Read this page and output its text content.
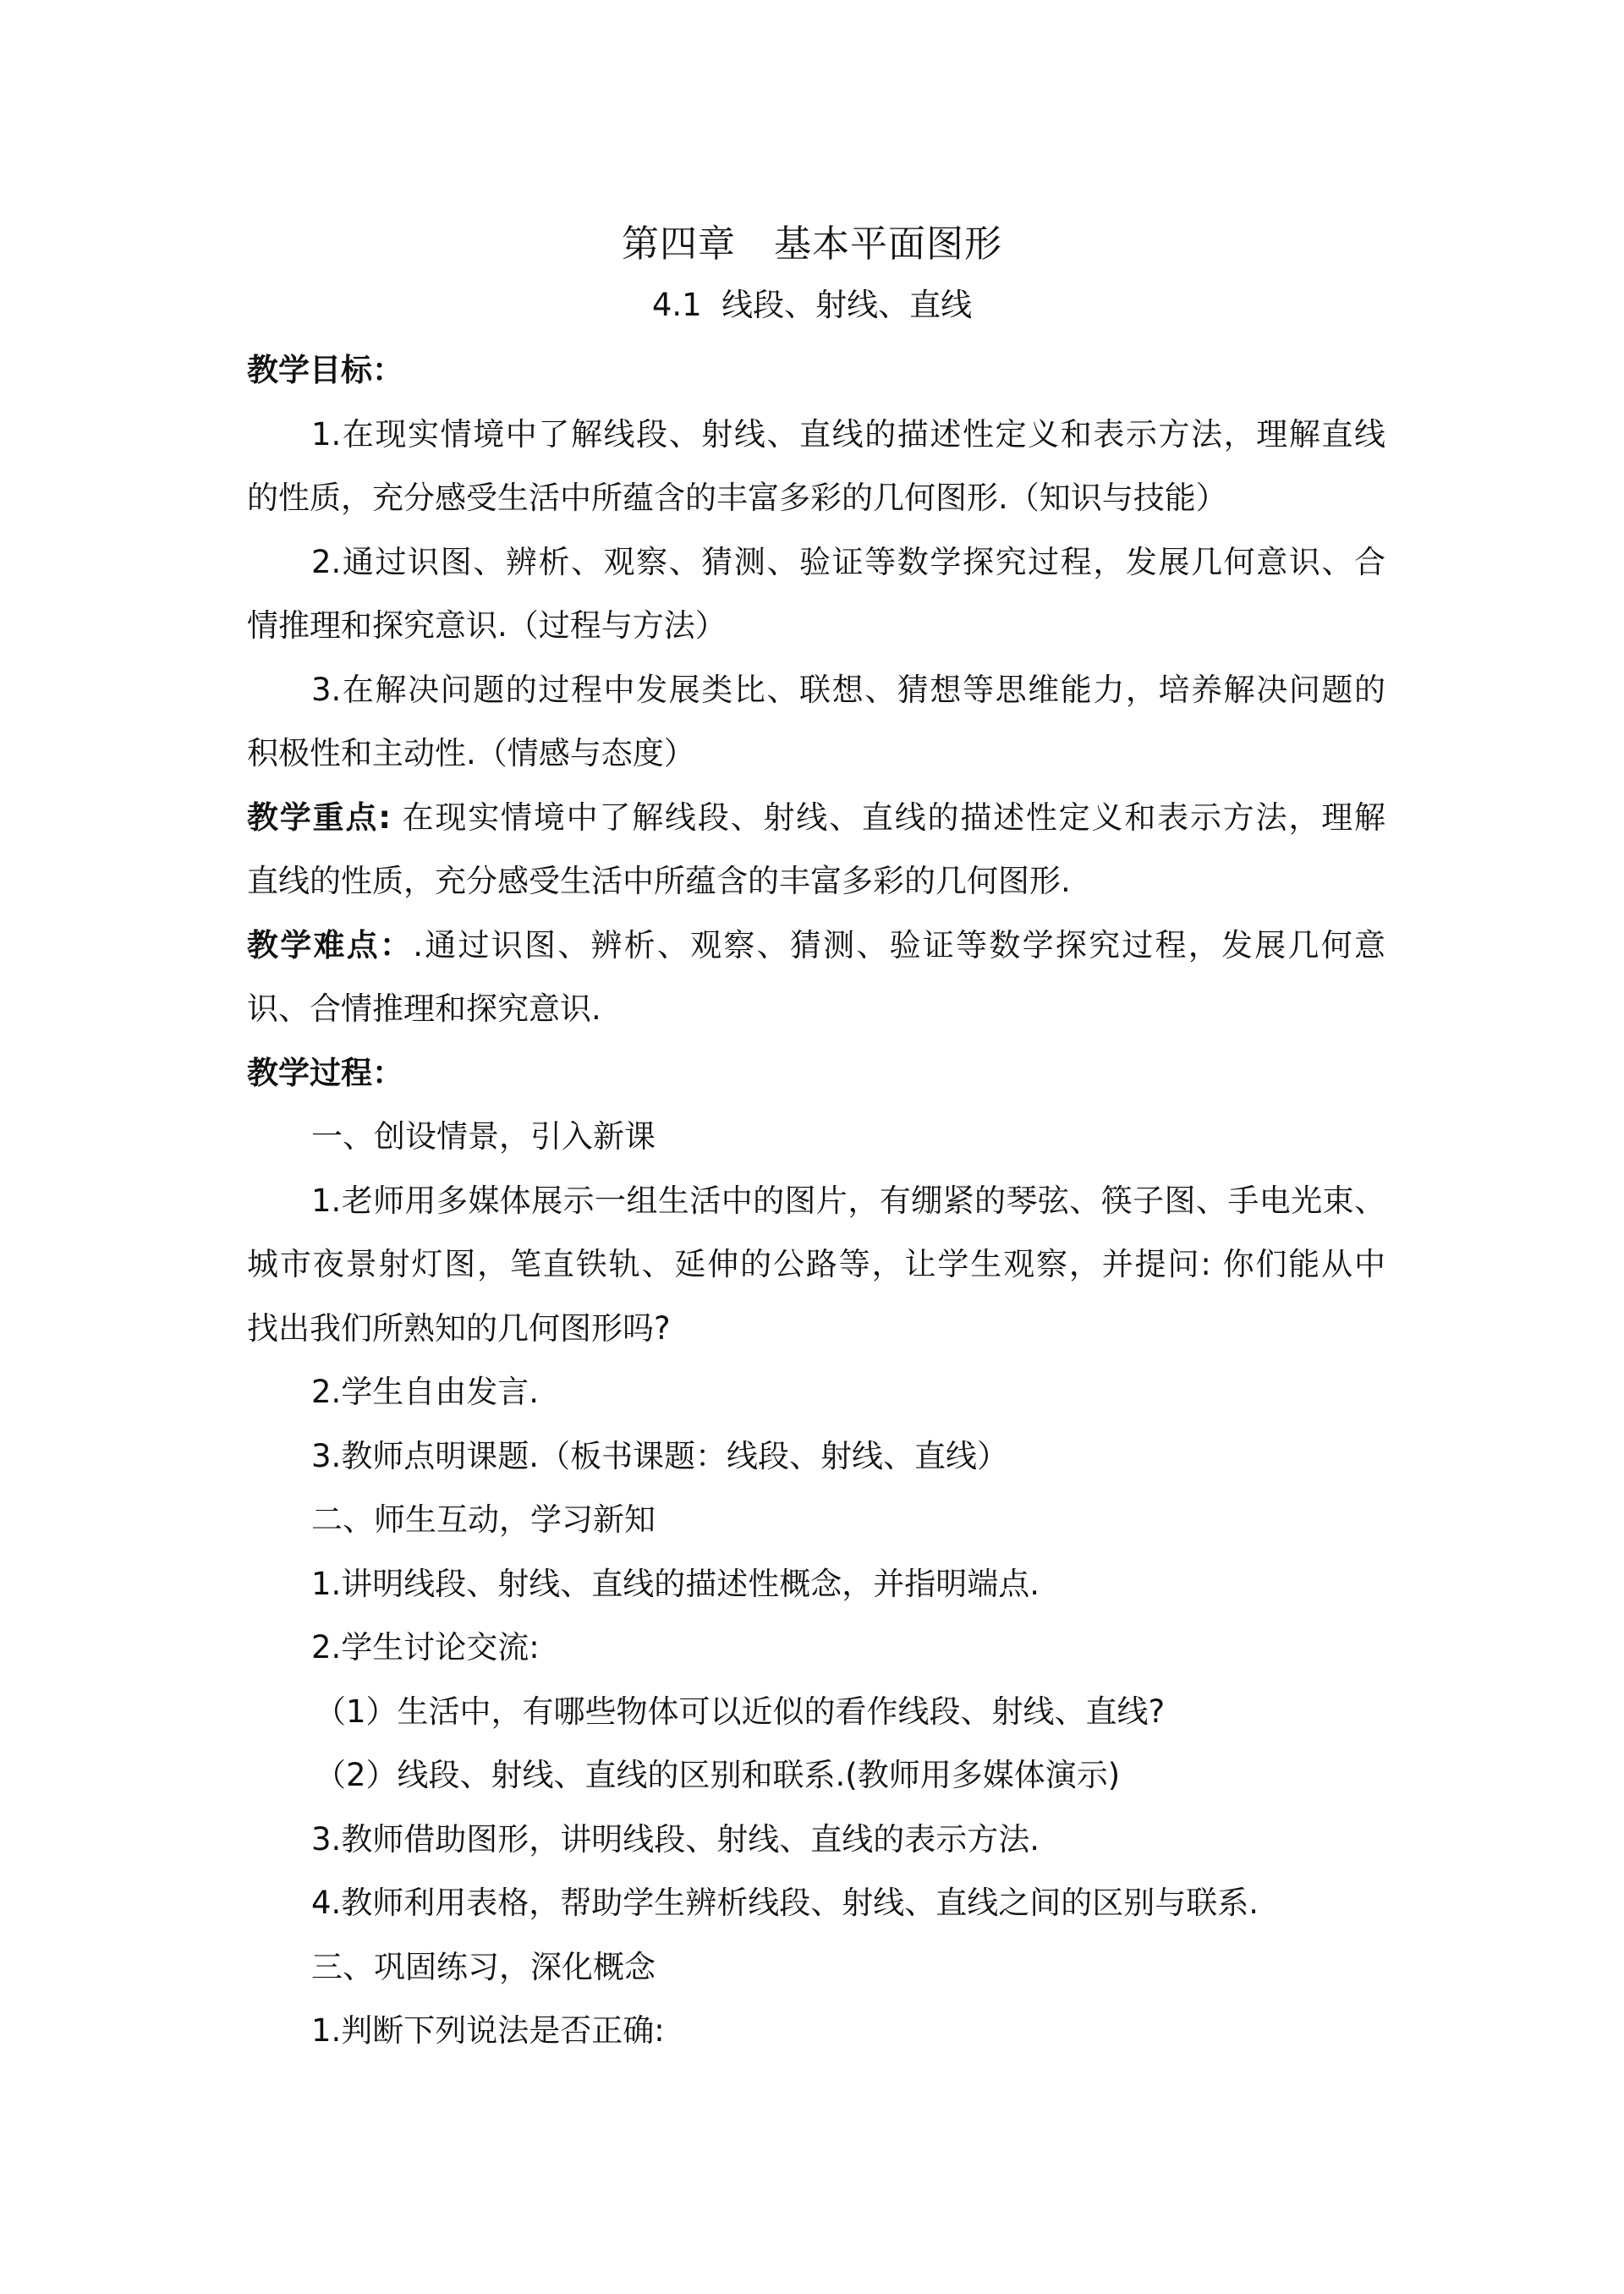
第四章　基本平面图形
4.1  线段、射线、直线
教学目标：
1.在现实情境中了解线段、射线、直线的描述性定义和表示方法，理解直线
的性质，充分感受生活中所蕴含的丰富多彩的几何图形.（知识与技能）
2.通过识图、辨析、观察、猜测、验证等数学探究过程，发展几何意识、合
情推理和探究意识.（过程与方法）
3.在解决问题的过程中发展类比、联想、猜想等思维能力，培养解决问题的
积极性和主动性.（情感与态度）
教学重点: 在现实情境中了解线段、射线、直线的描述性定义和表示方法，理解
直线的性质，充分感受生活中所蕴含的丰富多彩的几何图形.
教学难点：.通过识图、辨析、观察、猜测、验证等数学探究过程，发展几何意
识、合情推理和探究意识.
教学过程：
一、创设情景，引入新课
1.老师用多媒体展示一组生活中的图片，有绷紧的琴弦、筷子图、手电光束、
城市夜景射灯图，笔直铁轨、延伸的公路等，让学生观察，并提问: 你们能从中
找出我们所熟知的几何图形吗?
2.学生自由发言.
3.教师点明课题.（板书课题：线段、射线、直线）
二、师生互动，学习新知
1.讲明线段、射线、直线的描述性概念，并指明端点.
2.学生讨论交流:
（1）生活中，有哪些物体可以近似的看作线段、射线、直线?
（2）线段、射线、直线的区别和联系.(教师用多媒体演示)
3.教师借助图形，讲明线段、射线、直线的表示方法.
4.教师利用表格，帮助学生辨析线段、射线、直线之间的区别与联系.
三、巩固练习，深化概念
1.判断下列说法是否正确:
